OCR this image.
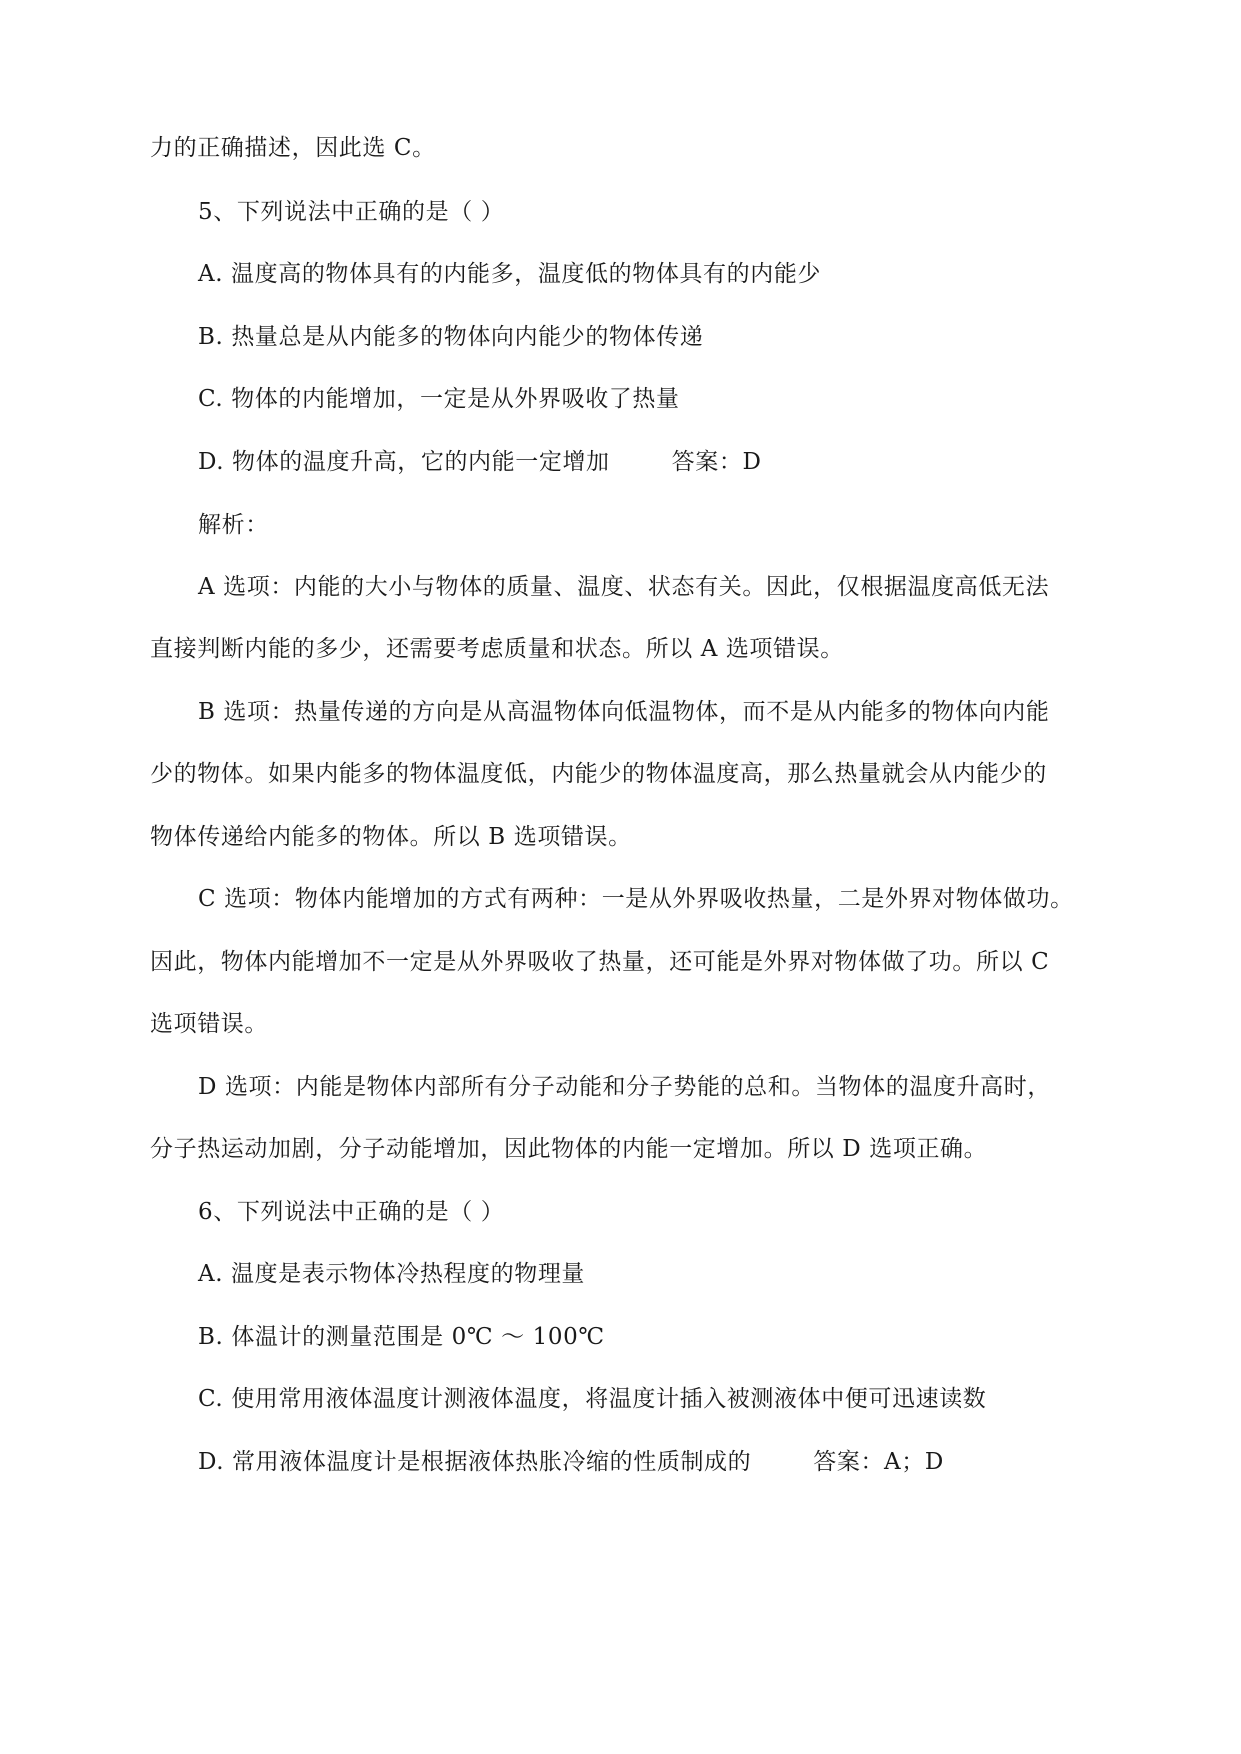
力的正确描述，因此选 C。
5、下列说法中正确的是（ ）
A. 温度高的物体具有的内能多，温度低的物体具有的内能少
B. 热量总是从内能多的物体向内能少的物体传递
C. 物体的内能增加，一定是从外界吸收了热量
D. 物体的温度升高，它的内能一定增加	答案：D
解析：
A 选项：内能的大小与物体的质量、温度、状态有关。因此，仅根据温度高低无法
直接判断内能的多少，还需要考虑质量和状态。所以 A 选项错误。
B 选项：热量传递的方向是从高温物体向低温物体，而不是从内能多的物体向内能
少的物体。如果内能多的物体温度低，内能少的物体温度高，那么热量就会从内能少的
物体传递给内能多的物体。所以 B 选项错误。
C 选项：物体内能增加的方式有两种：一是从外界吸收热量，二是外界对物体做功。
因此，物体内能增加不一定是从外界吸收了热量，还可能是外界对物体做了功。所以 C
选项错误。
D 选项：内能是物体内部所有分子动能和分子势能的总和。当物体的温度升高时，
分子热运动加剧，分子动能增加，因此物体的内能一定增加。所以 D 选项正确。
6、下列说法中正确的是（ ）
A. 温度是表示物体冷热程度的物理量
B. 体温计的测量范围是 0℃ ～ 100℃
C. 使用常用液体温度计测液体温度，将温度计插入被测液体中便可迅速读数
D. 常用液体温度计是根据液体热胀冷缩的性质制成的	答案：A；D
